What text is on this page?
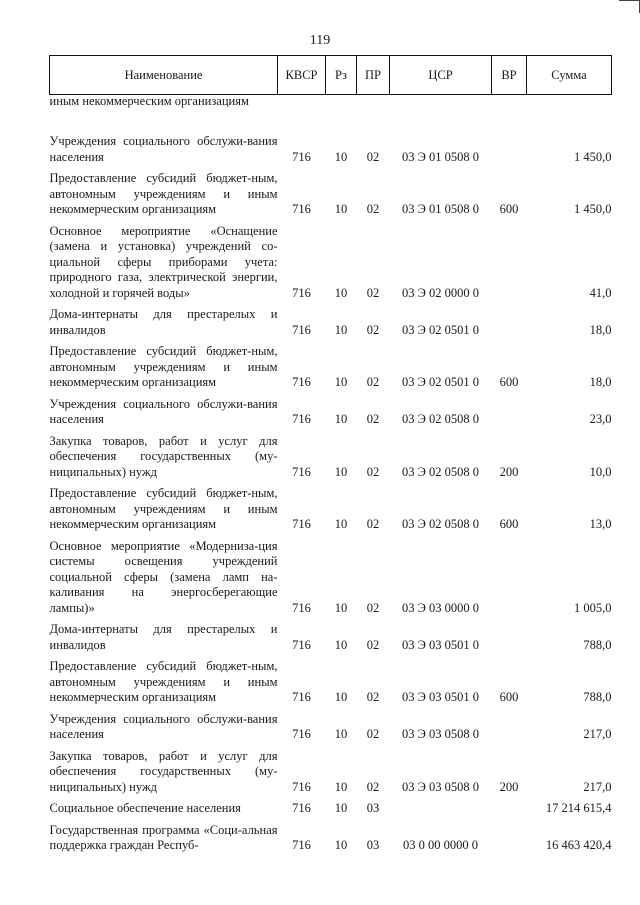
119
Наименование	КВСР	Рз	ПР	ЦСР	ВР	Сумма
иным некоммерческим организациям						

Учреждения социального обслужи-вания населения	716	10	02	03 Э 01 0508 0		1 450,0
Предоставление субсидий бюджет-ным, автономным учреждениям и иным некоммерческим организациям	716	10	02	03 Э 01 0508 0	600	1 450,0
Основное мероприятие «Оснащение (замена и установка) учреждений со-циальной сферы приборами учета: природного газа, электрической энергии, холодной и горячей воды»	716	10	02	03 Э 02 0000 0		41,0
Дома-интернаты для престарелых и инвалидов	716	10	02	03 Э 02 0501 0		18,0
Предоставление субсидий бюджет-ным, автономным учреждениям и иным некоммерческим организациям	716	10	02	03 Э 02 0501 0	600	18,0
Учреждения социального обслужи-вания населения	716	10	02	03 Э 02 0508 0		23,0
Закупка товаров, работ и услуг для обеспечения государственных (му-ниципальных) нужд	716	10	02	03 Э 02 0508 0	200	10,0
Предоставление субсидий бюджет-ным, автономным учреждениям и иным некоммерческим организациям	716	10	02	03 Э 02 0508 0	600	13,0
Основное мероприятие «Модерниза-ция системы освещения учреждений социальной сферы (замена ламп на-каливания на энергосберегающие лампы)»	716	10	02	03 Э 03 0000 0		1 005,0
Дома-интернаты для престарелых и инвалидов	716	10	02	03 Э 03 0501 0		788,0
Предоставление субсидий бюджет-ным, автономным учреждениям и иным некоммерческим организациям	716	10	02	03 Э 03 0501 0	600	788,0
Учреждения социального обслужи-вания населения	716	10	02	03 Э 03 0508 0		217,0
Закупка товаров, работ и услуг для обеспечения государственных (му-ниципальных) нужд	716	10	02	03 Э 03 0508 0	200	217,0
Социальное обеспечение населения	716	10	03			17 214 615,4
Государственная программа «Соци-альная поддержка граждан Респуб-	716	10	03	03 0 00 0000 0		16 463 420,4
